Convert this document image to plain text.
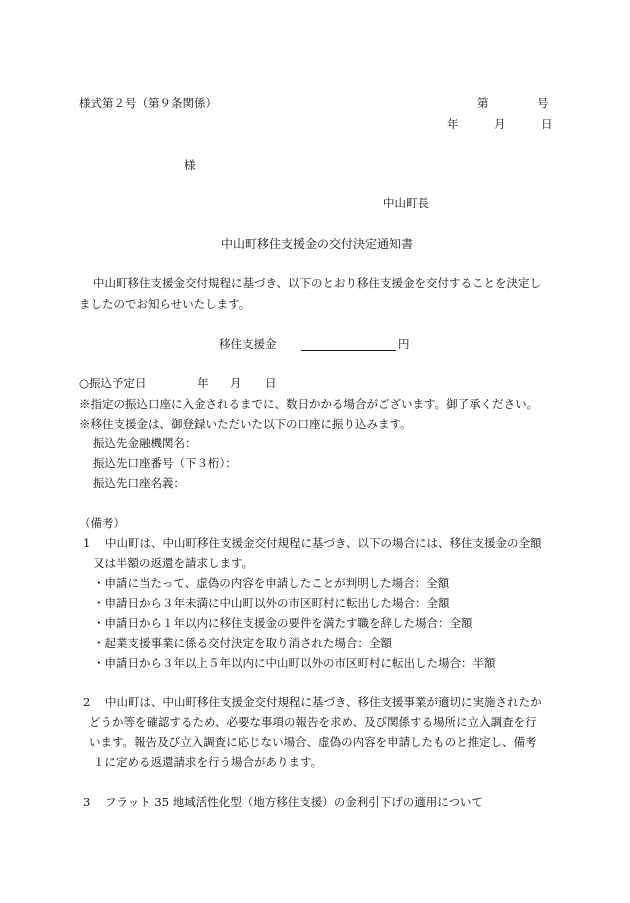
様式第２号（第９条関係）	第	号
年	月	日
様
中山町長
中山町移住支援金の交付決定通知書
中山町移住支援金交付規程に基づき、以下のとおり移住支援金を交付することを決定し
ましたのでお知らせいたします。
移住支援金	円
○振込予定日	年 月 日
※指定の振込口座に入金されるまでに、数日かかる場合がございます。御了承ください。
※移住支援金は、御登録いただいた以下の口座に振り込みます。
振込先金融機関名：
振込先口座番号（下３桁）：
振込先口座名義：
（備考）
1 中山町は、中山町移住支援金交付規程に基づき、以下の場合には、移住支援金の全額
又は半額の返還を請求します。
・申請に当たって、虚偽の内容を申請したことが判明した場合：全額
・申請日から３年未満に中山町以外の市区町村に転出した場合：全額
・申請日から１年以内に移住支援金の要件を満たす職を辞した場合：全額
・起業支援事業に係る交付決定を取り消された場合：全額
・申請日から３年以上５年以内に中山町以外の市区町村に転出した場合：半額
2 中山町は、中山町移住支援金交付規程に基づき、移住支援事業が適切に実施されたか
どうか等を確認するため、必要な事項の報告を求め、及び関係する場所に立入調査を行
います。報告及び立入調査に応じない場合、虚偽の内容を申請したものと推定し、備考
１に定める返還請求を行う場合があります。
3 フラット 35 地域活性化型（地方移住支援）の金利引下げの適用について
